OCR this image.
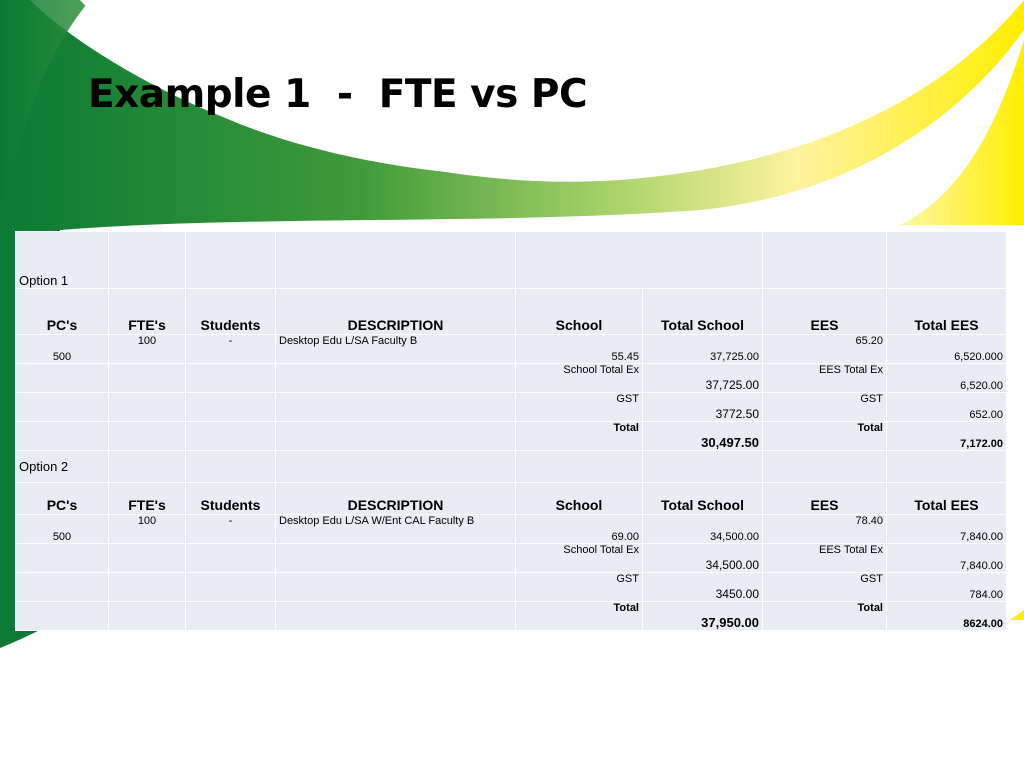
Example 1  -  FTE vs PC
Option 1							
PC's	FTE's	Students	DESCRIPTION	School	Total School	EES	Total EES
500	100	-	Desktop Edu L/SA Faculty B	55.45	37,725.00	65.20	6,520.000
				School Total Ex	37,725.00	EES Total Ex	6,520.00
				GST	3772.50	GST	652.00
				Total	30,497.50	Total	7,172.00
Option 2							
PC's	FTE's	Students	DESCRIPTION	School	Total School	EES	Total EES
500	100	-	Desktop Edu L/SA W/Ent CAL Faculty B	69.00	34,500.00	78.40	7,840.00
				School Total Ex	34,500.00	EES Total Ex	7,840.00
				GST	3450.00	GST	784.00
				Total	37,950.00	Total	8624.00
